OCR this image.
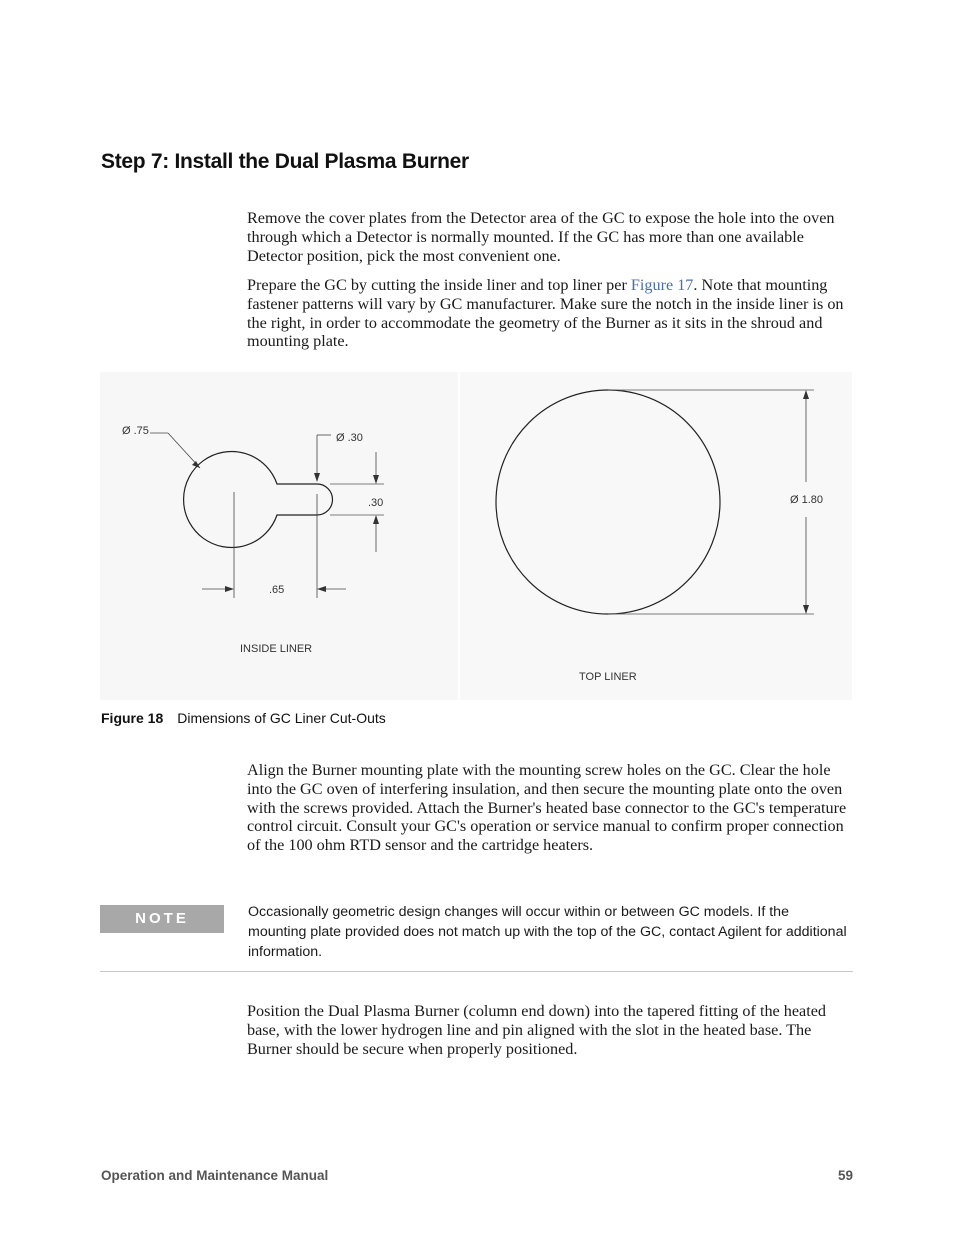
Step 7: Install the Dual Plasma Burner

Remove the cover plates from the Detector area of the GC to expose the hole into the oven through which a Detector is normally mounted. If the GC has more than one available Detector position, pick the most convenient one.

Prepare the GC by cutting the inside liner and top liner per Figure 17. Note that mounting fastener patterns will vary by GC manufacturer. Make sure the notch in the inside liner is on the right, in order to accommodate the geometry of the Burner as it sits in the shroud and mounting plate.

Ø .75
Ø .30
.30
.65
INSIDE LINER
Ø 1.80
TOP LINER

Figure 18 Dimensions of GC Liner Cut-Outs

Align the Burner mounting plate with the mounting screw holes on the GC. Clear the hole into the GC oven of interfering insulation, and then secure the mounting plate onto the oven with the screws provided. Attach the Burner's heated base connector to the GC's temperature control circuit. Consult your GC's operation or service manual to confirm proper connection of the 100 ohm RTD sensor and the cartridge heaters.

NOTE	Occasionally geometric design changes will occur within or between GC models. If the mounting plate provided does not match up with the top of the GC, contact Agilent for additional information.

Position the Dual Plasma Burner (column end down) into the tapered fitting of the heated base, with the lower hydrogen line and pin aligned with the slot in the heated base. The Burner should be secure when properly positioned.

Operation and Maintenance Manual	59
